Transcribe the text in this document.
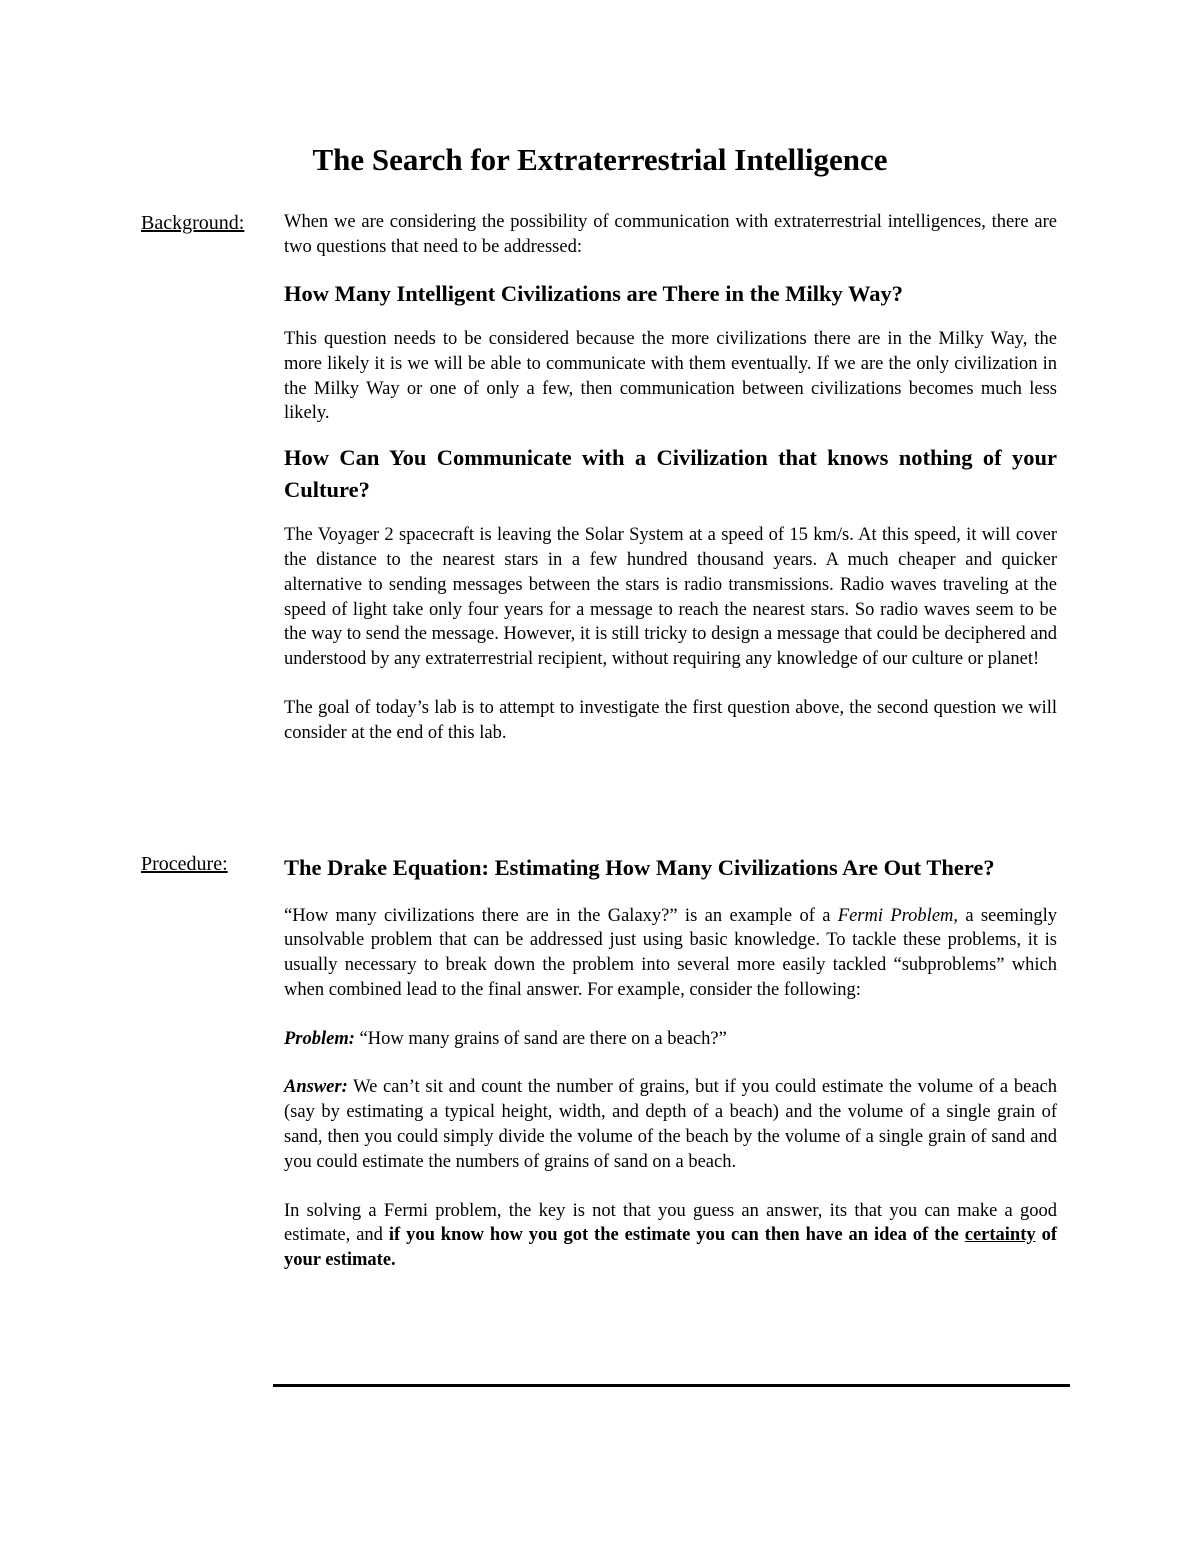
The Search for Extraterrestrial Intelligence
Background: When we are considering the possibility of communication with extraterrestrial intelligences, there are two questions that need to be addressed:

How Many Intelligent Civilizations are There in the Milky Way?

This question needs to be considered because the more civilizations there are in the Milky Way, the more likely it is we will be able to communicate with them eventually. If we are the only civilization in the Milky Way or one of only a few, then communication between civilizations becomes much less likely.

How Can You Communicate with a Civilization that knows nothing of your Culture?

The Voyager 2 spacecraft is leaving the Solar System at a speed of 15 km/s. At this speed, it will cover the distance to the nearest stars in a few hundred thousand years. A much cheaper and quicker alternative to sending messages between the stars is radio transmissions. Radio waves traveling at the speed of light take only four years for a message to reach the nearest stars. So radio waves seem to be the way to send the message. However, it is still tricky to design a message that could be deciphered and understood by any extraterrestrial recipient, without requiring any knowledge of our culture or planet!

The goal of today’s lab is to attempt to investigate the first question above, the second question we will consider at the end of this lab.

Procedure:	The Drake Equation: Estimating How Many Civilizations Are Out There?

“How many civilizations there are in the Galaxy?” is an example of a Fermi Problem, a seemingly unsolvable problem that can be addressed just using basic knowledge. To tackle these problems, it is usually necessary to break down the problem into several more easily tackled “subproblems” which when combined lead to the final answer. For example, consider the following:

Problem: “How many grains of sand are there on a beach?”

Answer: We can’t sit and count the number of grains, but if you could estimate the volume of a beach (say by estimating a typical height, width, and depth of a beach) and the volume of a single grain of sand, then you could simply divide the volume of the beach by the volume of a single grain of sand and you could estimate the numbers of grains of sand on a beach.

In solving a Fermi problem, the key is not that you guess an answer, its that you can make a good estimate, and if you know how you got the estimate you can then have an idea of the certainty of your estimate.
